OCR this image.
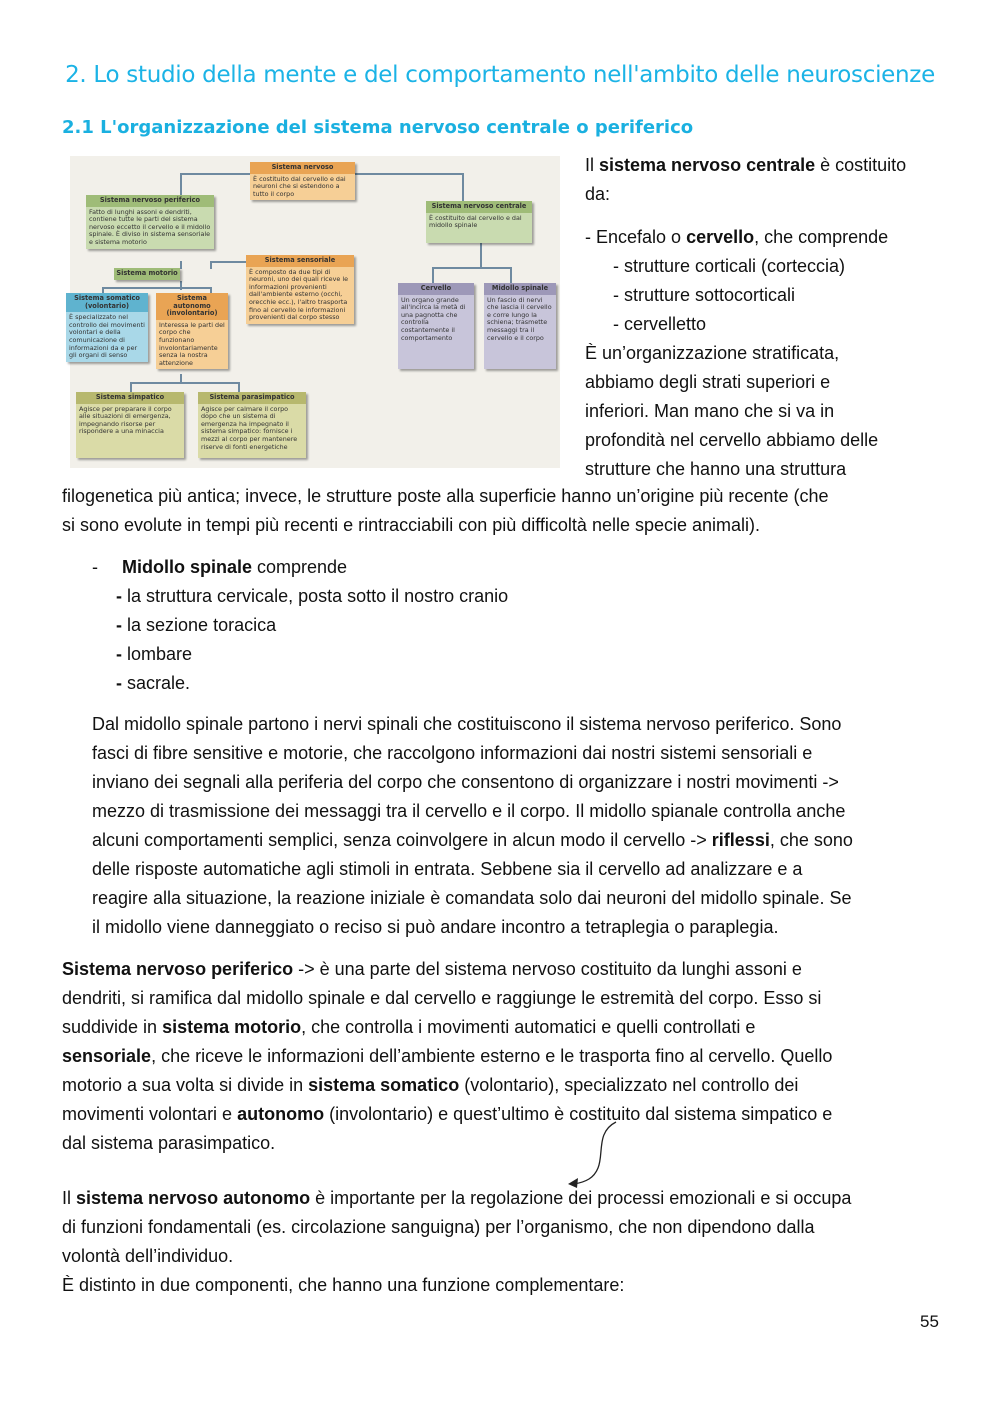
2. Lo studio della mente e del comportamento nell'ambito delle neuroscienze
2.1 L'organizzazione del sistema nervoso centrale o periferico
Sistema nervoso
È costituito dal cervello e dai neuroni che si estendono a tutto il corpo
Sistema nervoso periferico
Fatto di lunghi assoni e dendriti, contiene tutte le parti del sistema nervoso eccetto il cervello e il midollo spinale. È diviso in sistema sensoriale e sistema motorio
Sistema nervoso centrale
È costituito dal cervello e dal midollo spinale
Sistema sensoriale
È composto da due tipi di neuroni, uno dei quali riceve le informazioni provenienti dall'ambiente esterno (occhi, orecchie ecc.), l'altro trasporta fino al cervello le informazioni provenienti dal corpo stesso
Sistema motorio
Sistema somatico (volontario)
È specializzato nel controllo dei movimenti volontari e della comunicazione di informazioni da e per gli organi di senso
Sistema autonomo (involontario)
Interessa le parti del corpo che funzionano involontariamente senza la nostra attenzione
Cervello
Un organo grande all'incirca la metà di una pagnotta che controlla costantemente il comportamento
Midollo spinale
Un fascio di nervi che lascia il cervello e corre lungo la schiena; trasmette messaggi tra il cervello e il corpo
Sistema simpatico
Agisce per preparare il corpo alle situazioni di emergenza, impegnando risorse per rispondere a una minaccia
Sistema parasimpatico
Agisce per calmare il corpo dopo che un sistema di emergenza ha impegnato il sistema simpatico: fornisce i mezzi al corpo per mantenere riserve di fonti energetiche
Il sistema nervoso centrale è costituito
da:
- Encefalo o cervello, che comprende
- strutture corticali (corteccia)
- strutture sottocorticali
- cervelletto
È un’organizzazione stratificata,
abbiamo degli strati superiori e
inferiori. Man mano che si va in
profondità nel cervello abbiamo delle
strutture che hanno una struttura
filogenetica più antica; invece, le strutture poste alla superficie hanno un’origine più recente (che
si sono evolute in tempi più recenti e rintracciabili con più difficoltà nelle specie animali).
- Midollo spinale comprende
- la struttura cervicale, posta sotto il nostro cranio
- la sezione toracica
- lombare
- sacrale.
Dal midollo spinale partono i nervi spinali che costituiscono il sistema nervoso periferico. Sono
fasci di fibre sensitive e motorie, che raccolgono informazioni dai nostri sistemi sensoriali e
inviano dei segnali alla periferia del corpo che consentono di organizzare i nostri movimenti ->
mezzo di trasmissione dei messaggi tra il cervello e il corpo. Il midollo spianale controlla anche
alcuni comportamenti semplici, senza coinvolgere in alcun modo il cervello -> riflessi, che sono
delle risposte automatiche agli stimoli in entrata. Sebbene sia il cervello ad analizzare e a
reagire alla situazione, la reazione iniziale è comandata solo dai neuroni del midollo spinale. Se
il midollo viene danneggiato o reciso si può andare incontro a tetraplegia o paraplegia.
Sistema nervoso periferico -> è una parte del sistema nervoso costituito da lunghi assoni e
dendriti, si ramifica dal midollo spinale e dal cervello e raggiunge le estremità del corpo. Esso si
suddivide in sistema motorio, che controlla i movimenti automatici e quelli controllati e
sensoriale, che riceve le informazioni dell’ambiente esterno e le trasporta fino al cervello. Quello
motorio a sua volta si divide in sistema somatico (volontario), specializzato nel controllo dei
movimenti volontari e autonomo (involontario) e quest’ultimo è costituito dal sistema simpatico e
dal sistema parasimpatico.
Il sistema nervoso autonomo è importante per la regolazione dei processi emozionali e si occupa
di funzioni fondamentali (es. circolazione sanguigna) per l’organismo, che non dipendono dalla
volontà dell’individuo.
È distinto in due componenti, che hanno una funzione complementare:
55
